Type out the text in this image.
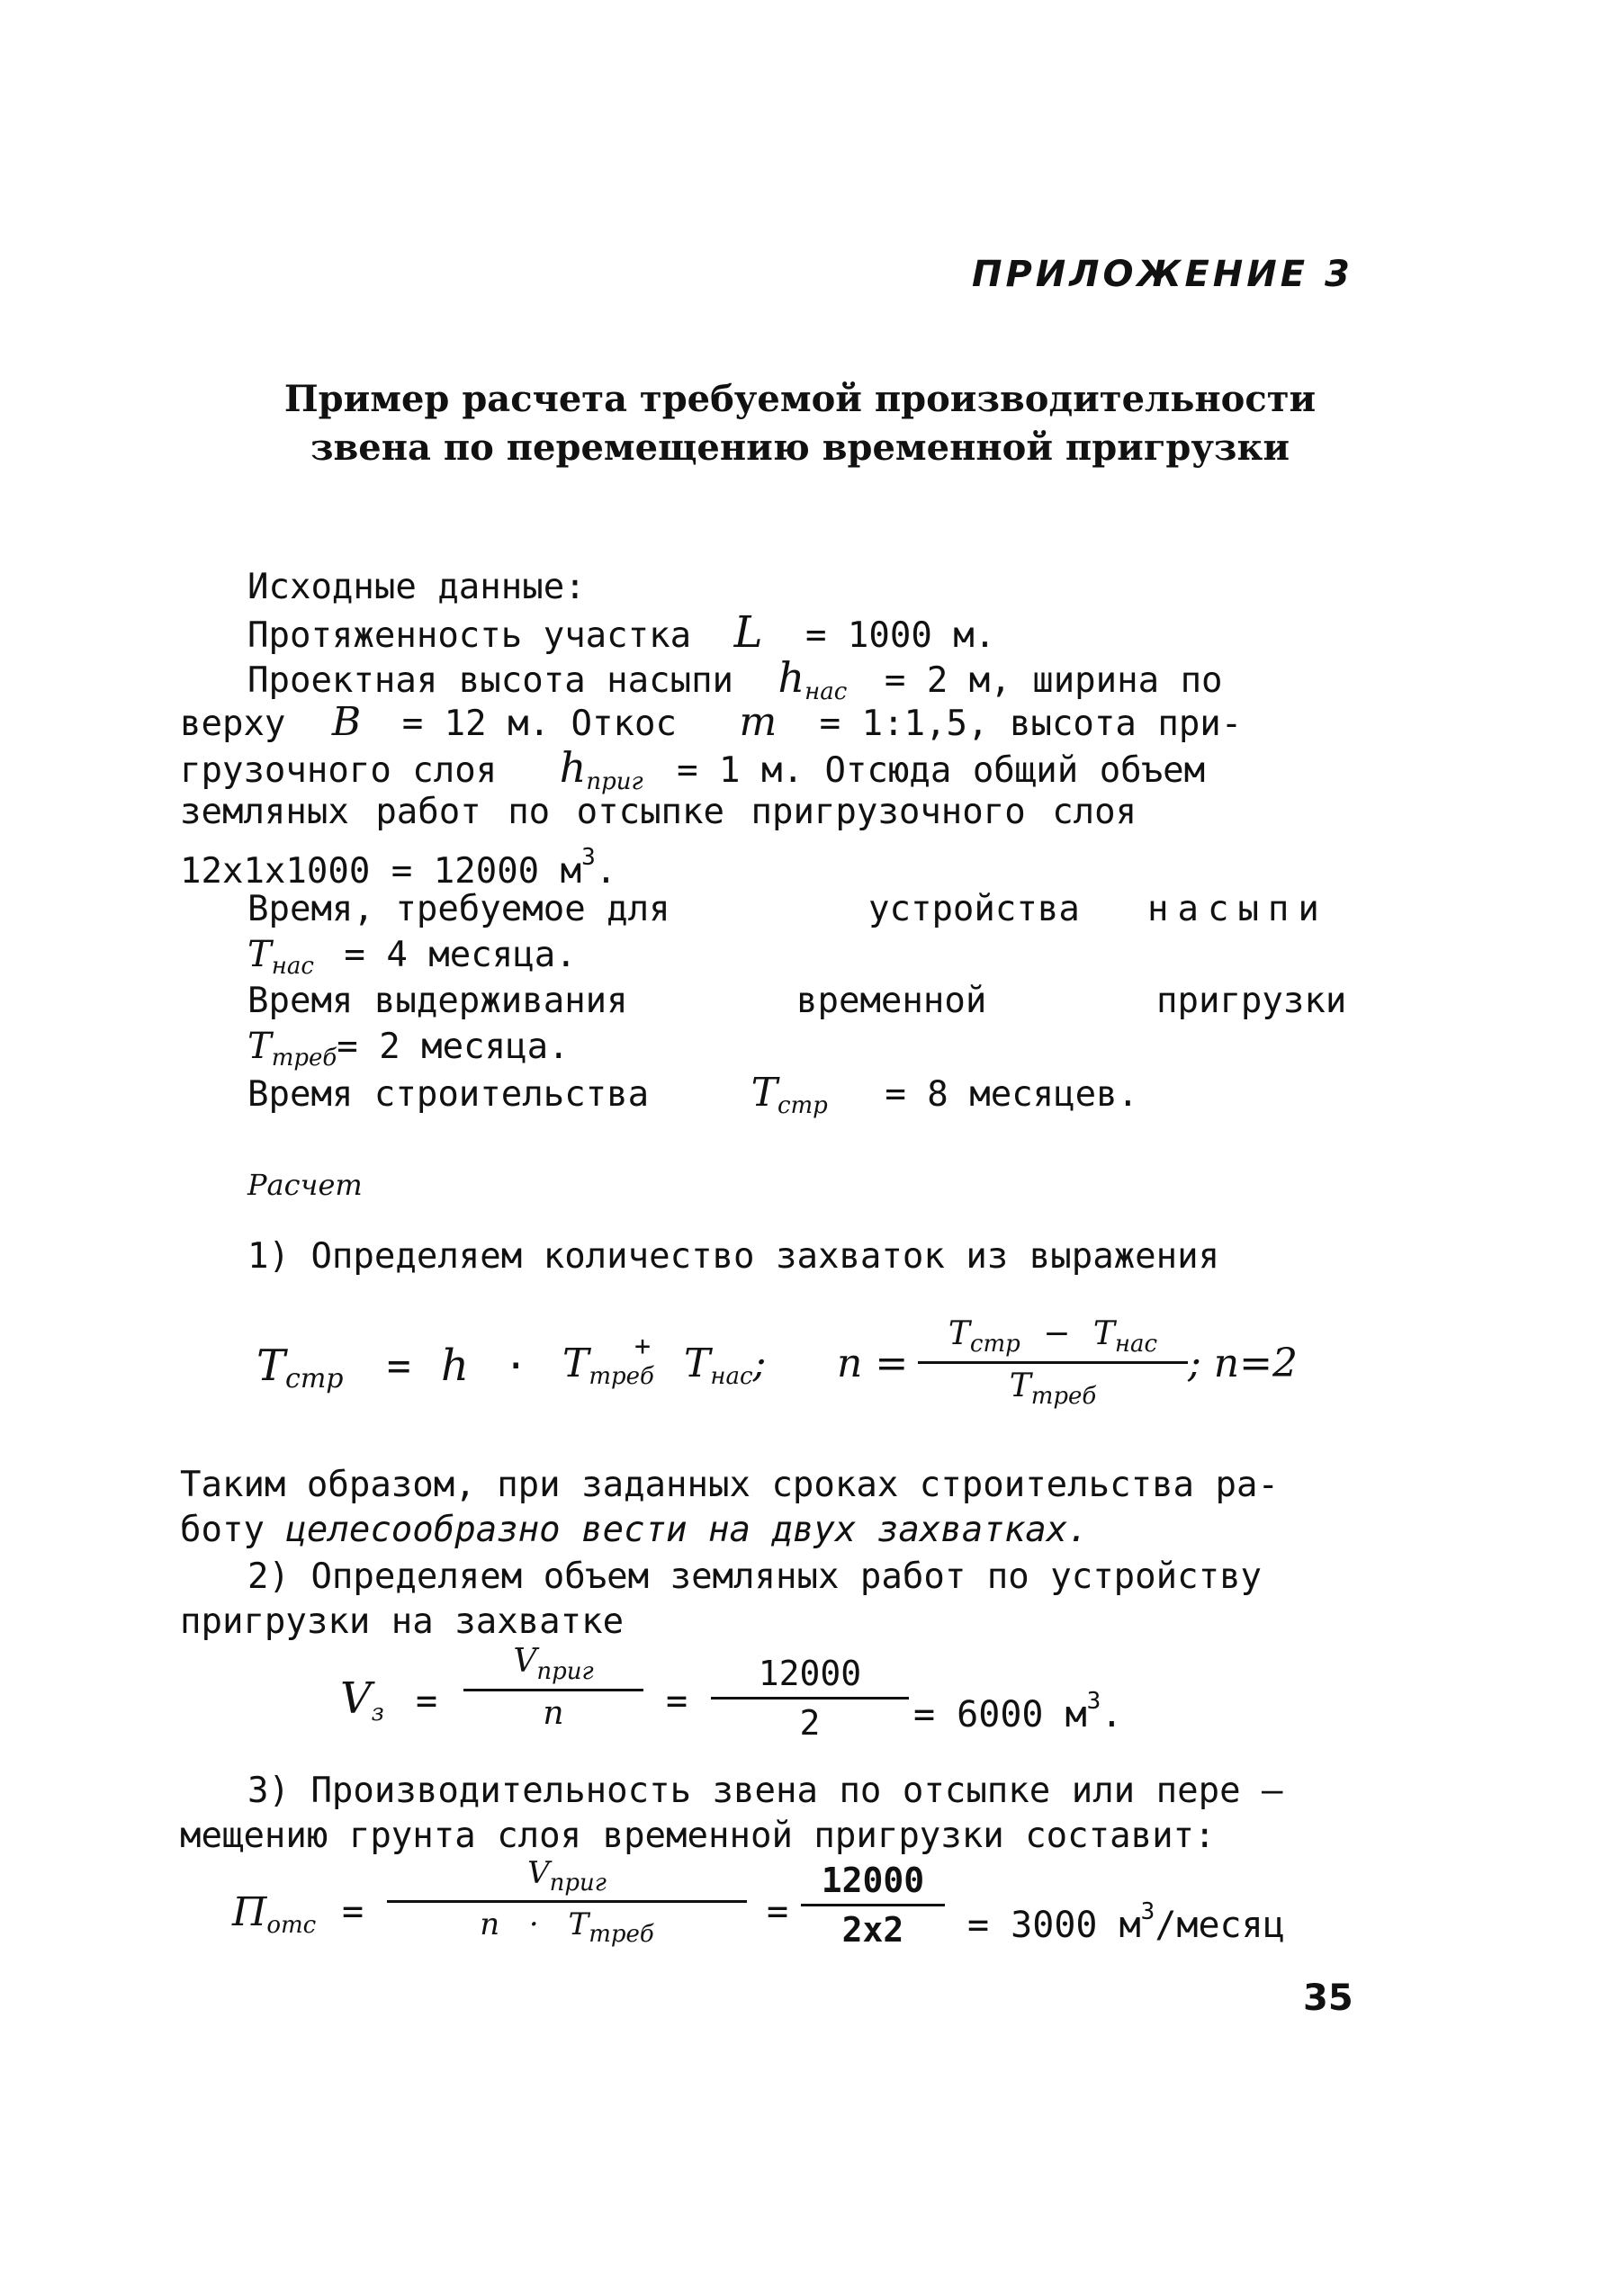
ПРИЛОЖЕНИЕ 3
Пример расчета требуемой производительности
звена по перемещению временной пригрузки
Исходные данные:
Протяженность участка L = 1000 м.
Проектная высота насыпи $h_{нас} = 2$ м, ширина по
верху B = 12 м. Откос m = 1:1,5, высота при-
грузочного слоя $h_{приг} = 1$ м. Отсюда общий объем
земляных работ по отсыпке пригрузочного слоя
12x1x1000 = 12000 $м^3$.
Время, требуемое для	устройства насыпи
$T_{нас} = 4$ месяца.
Время выдерживания	временной	пригрузки
$T_{треб}= 2$ месяца.
Время строительства	$T_{стр} = 8$ месяцев.
Расчет
1) Определяем количество захваток из выражения
$T_{стр} = h \cdot T_{треб}$
+ $T_{нас}$; n =
$T_{стр} - T_{нас}$
$T_{треб}$
; n=2
Таким образом, при заданных сроках строительства ра-
боту целесообразно вести на двух захватках.
2) Определяем объем земляных работ по устройству
пригрузки на захватке
$V_з$ =
$V_{приг}$
n	=
12000
2	= 6000 $м^3$.
3) Производительность звена по отсыпке или пере –
мещению грунта слоя временной пригрузки составит:
$П_{отс}$ =
$V_{приг}$
$n \cdot T_{треб}$
=
12000
2x2	= 3000 $м^3$/месяц
35
